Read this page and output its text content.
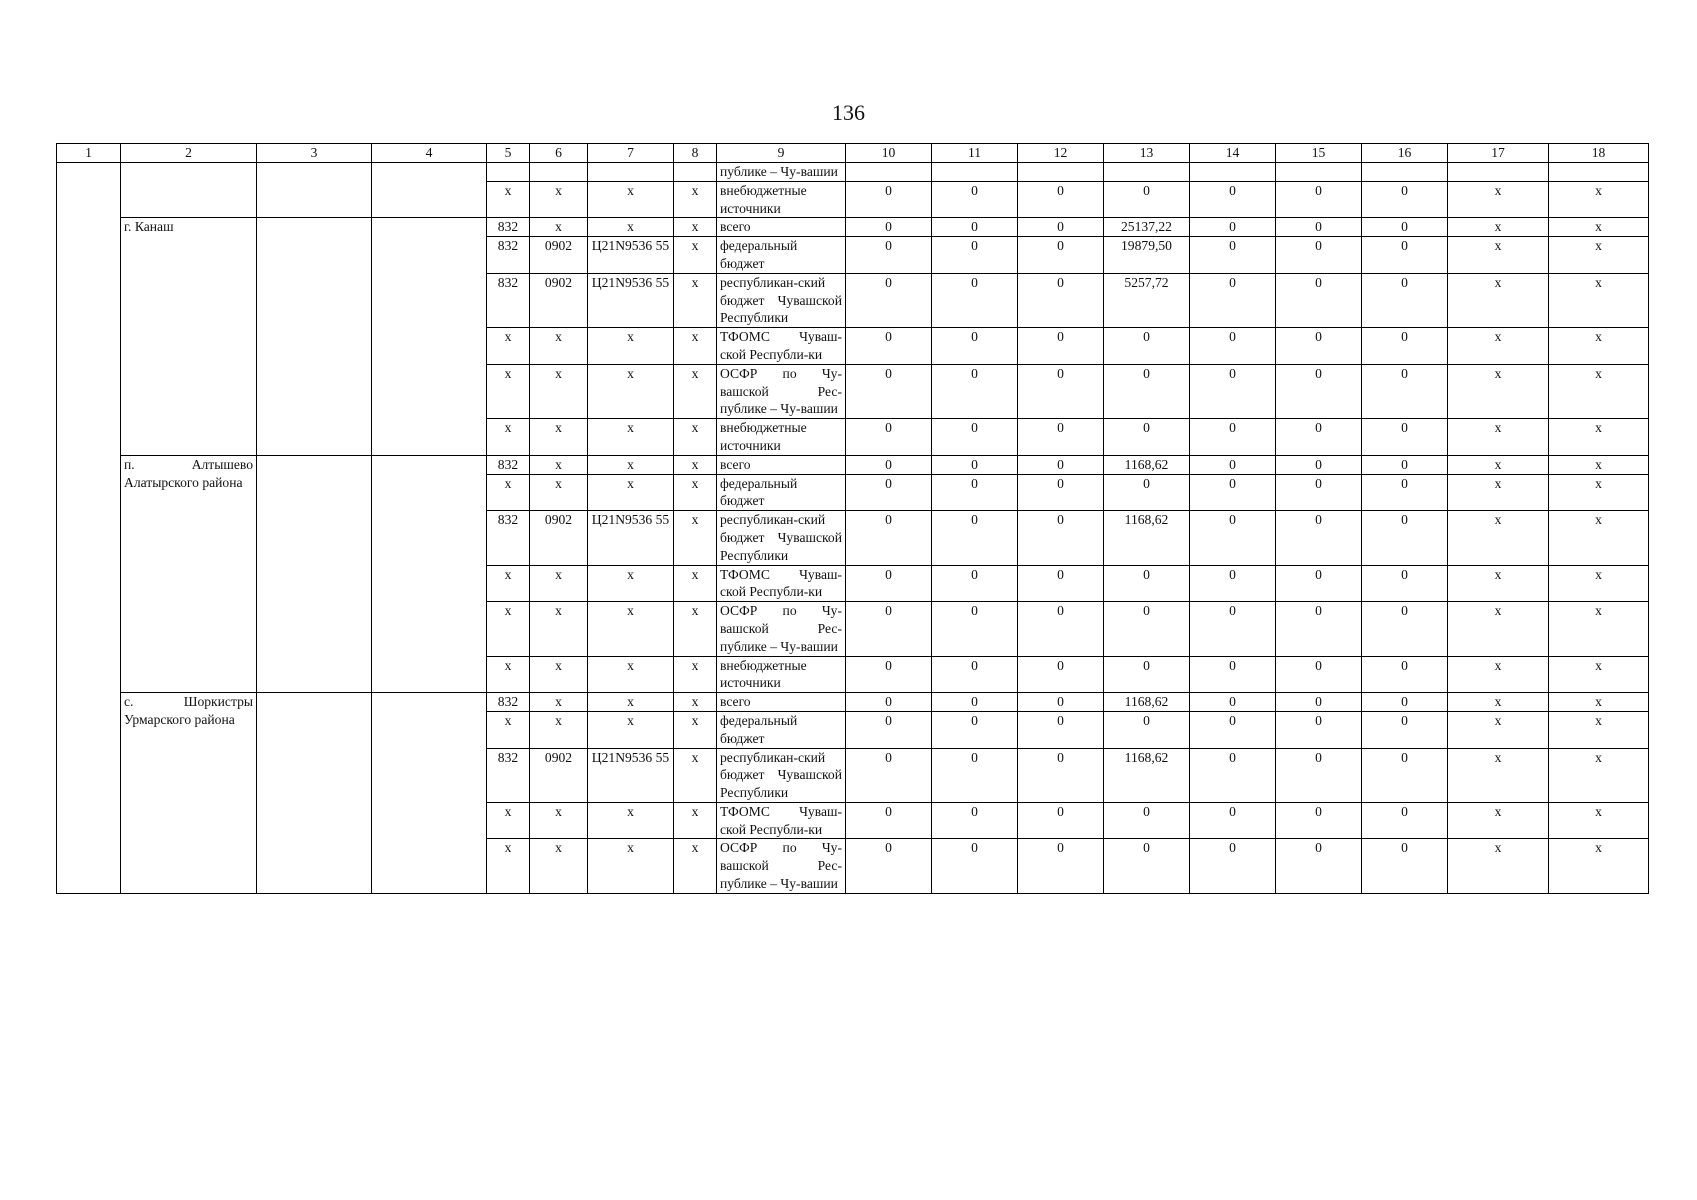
136
1	2	3	4	5	6	7	8	9	10	11	12	13	14	15	16	17	18
								публике – Чу-вашии									
				x	x	x	x	внебюджетные источники	0	0	0	0	0	0	0	x	x
	г. Канаш			832	x	x	x	всего	0	0	0	25137,22	0	0	0	x	x
				832	0902	Ц21N9536 55	x	федеральный бюджет	0	0	0	19879,50	0	0	0	x	x
				832	0902	Ц21N9536 55	x	республикан-ский бюджет Чувашской Республики	0	0	0	5257,72	0	0	0	x	x
				x	x	x	x	ТФОМС Чуваш-ской Республи-ки	0	0	0	0	0	0	0	x	x
				x	x	x	x	ОСФР по Чу-вашской Рес-публике – Чу-вашии	0	0	0	0	0	0	0	x	x
				x	x	x	x	внебюджетные источники	0	0	0	0	0	0	0	x	x
	п. Алтышево Алатырского района			832	x	x	x	всего	0	0	0	1168,62	0	0	0	x	x
				x	x	x	x	федеральный бюджет	0	0	0	0	0	0	0	x	x
				832	0902	Ц21N9536 55	x	республикан-ский бюджет Чувашской Республики	0	0	0	1168,62	0	0	0	x	x
				x	x	x	x	ТФОМС Чуваш-ской Республи-ки	0	0	0	0	0	0	0	x	x
				x	x	x	x	ОСФР по Чу-вашской Рес-публике – Чу-вашии	0	0	0	0	0	0	0	x	x
				x	x	x	x	внебюджетные источники	0	0	0	0	0	0	0	x	x
	с. Шоркистры Урмарского района			832	x	x	x	всего	0	0	0	1168,62	0	0	0	x	x
				x	x	x	x	федеральный бюджет	0	0	0	0	0	0	0	x	x
				832	0902	Ц21N9536 55	x	республикан-ский бюджет Чувашской Республики	0	0	0	1168,62	0	0	0	x	x
				x	x	x	x	ТФОМС Чуваш-ской Республи-ки	0	0	0	0	0	0	0	x	x
				x	x	x	x	ОСФР по Чу-вашской Рес-публике – Чу-вашии	0	0	0	0	0	0	0	x	x
